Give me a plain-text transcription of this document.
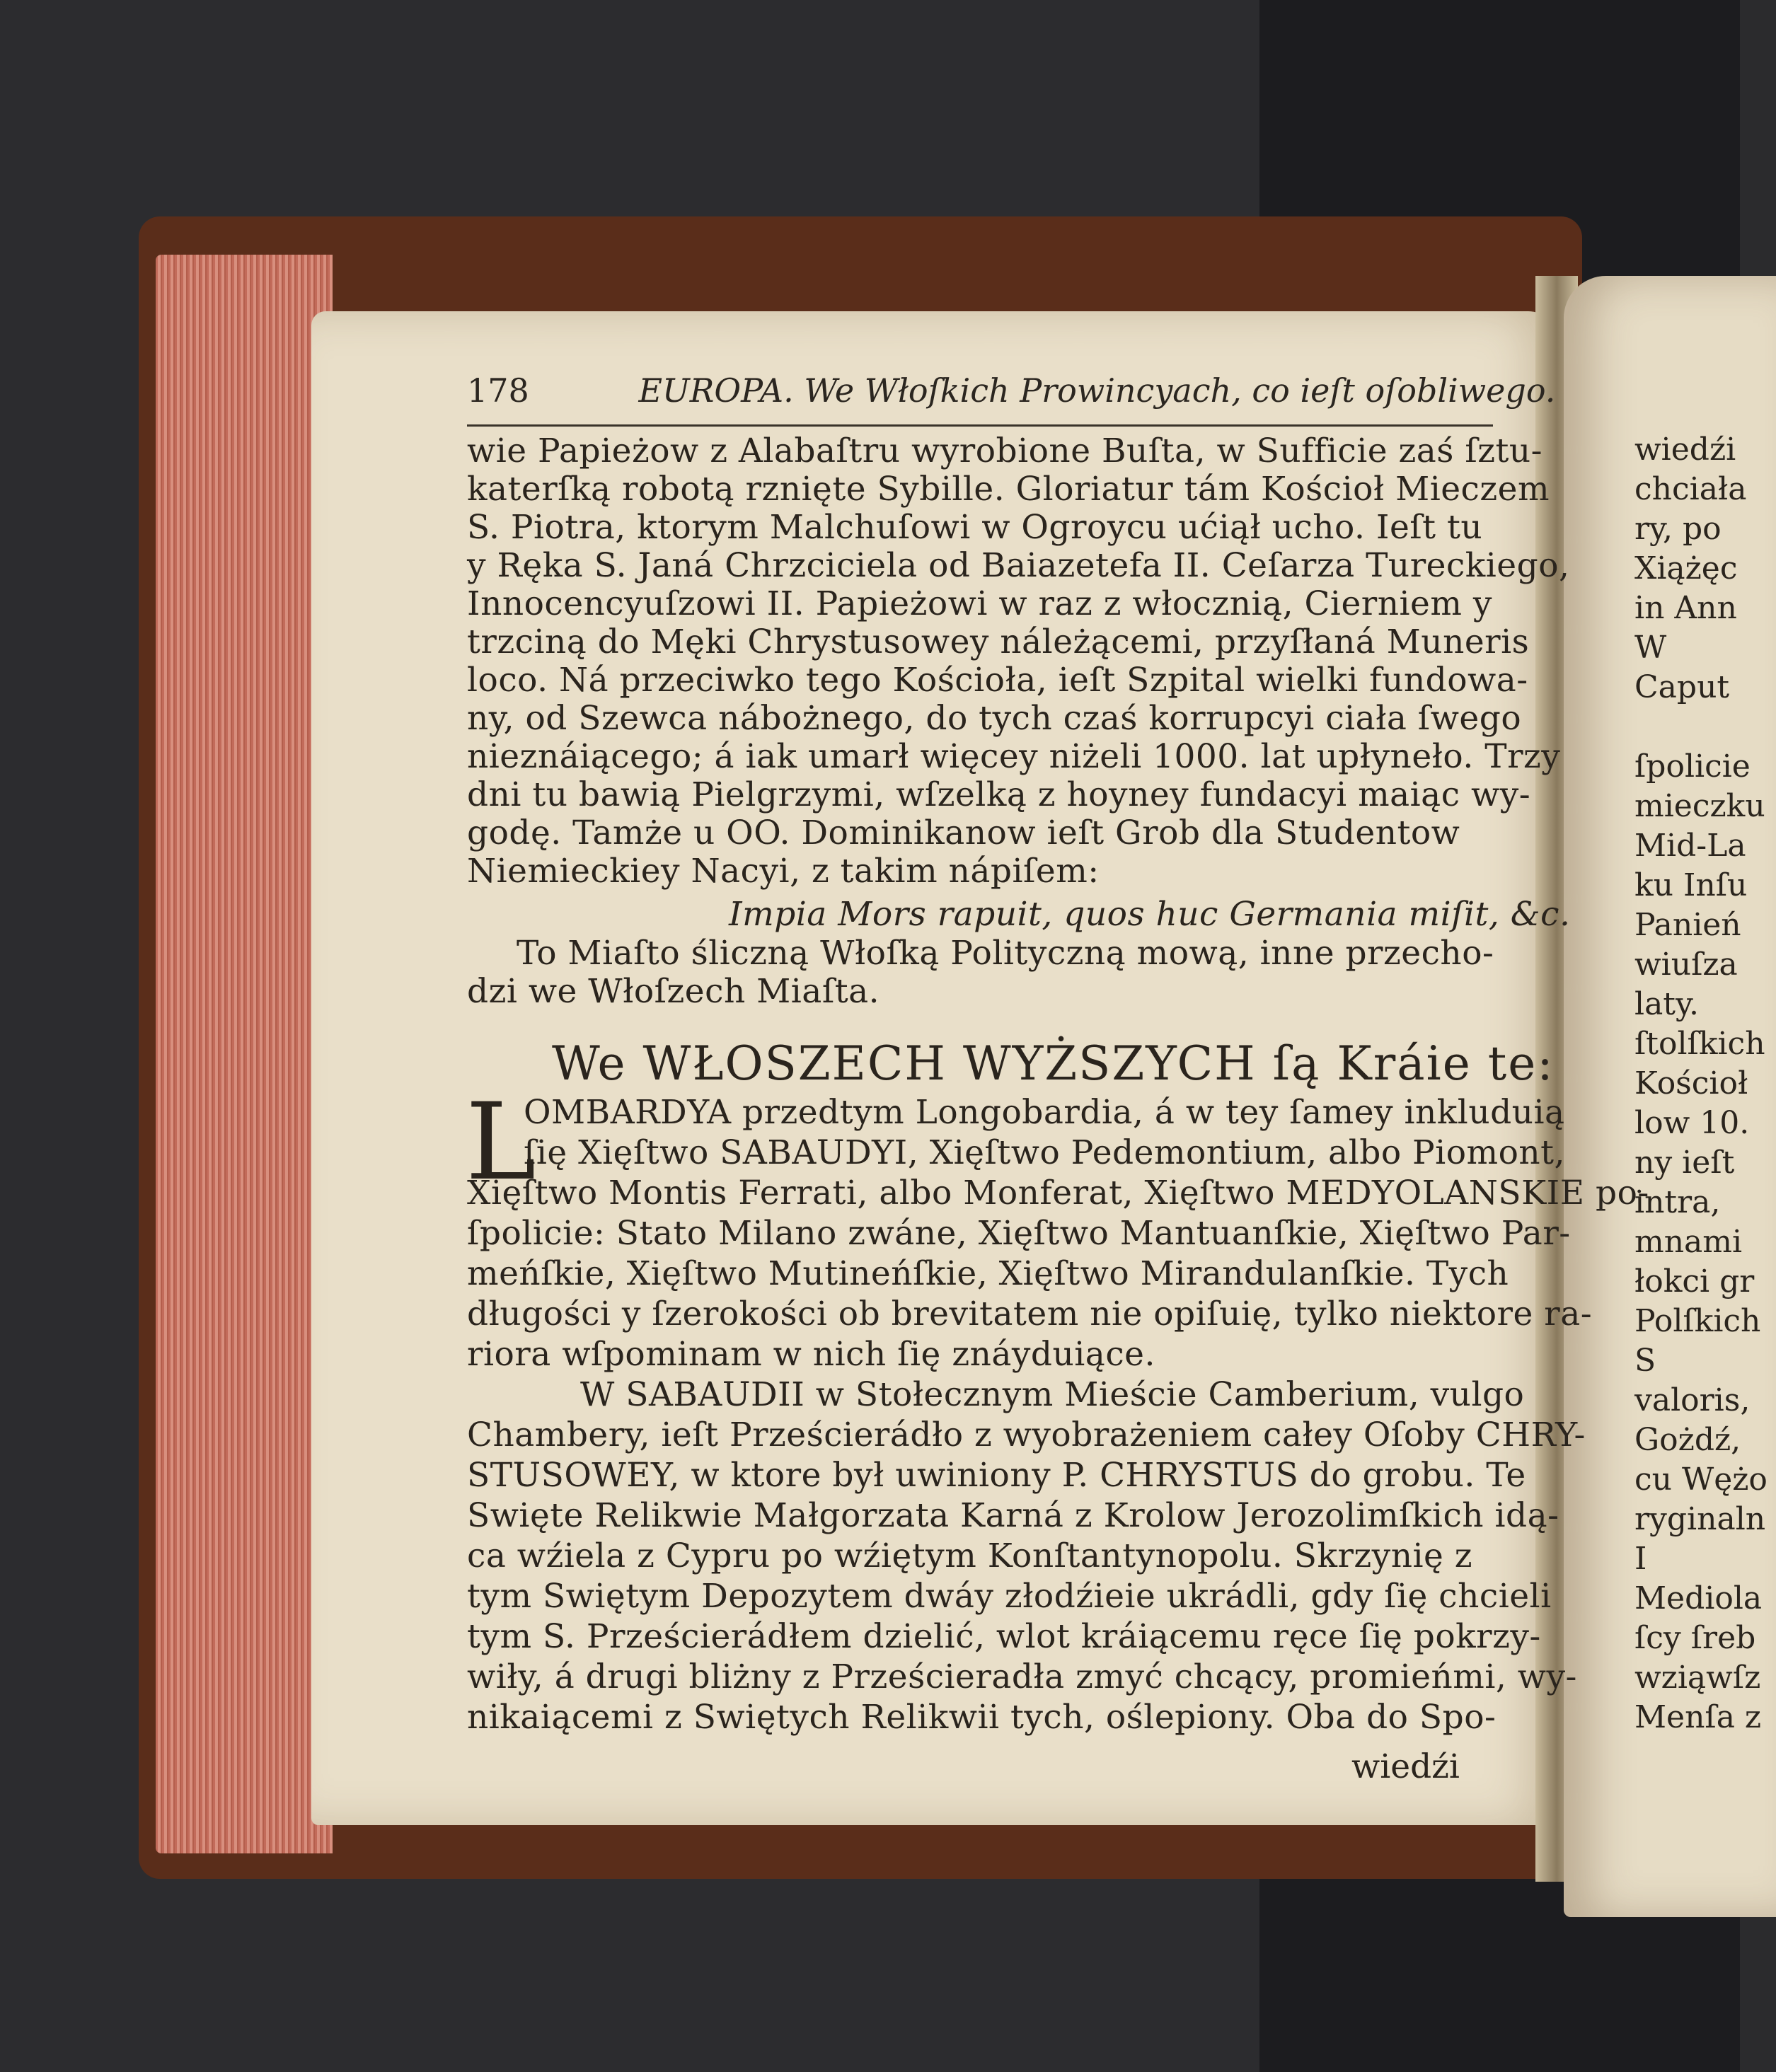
178	EUROPA. We Włoſkich Prowincyach, co ieſt oſobliwego.
wie Papieżow z Alabaſtru wyrobione Buſta, w Sufficie zaś ſztu-
katerſką robotą rznięte Sybille. Gloriatur tám Kościoł Mieczem
S. Piotra, ktorym Malchuſowi w Ogroycu ućiął ucho. Ieſt tu
y Ręka S. Janá Chrzciciela od Baiazetefa II. Ceſarza Tureckiego,
Innocencyuſzowi II. Papieżowi w raz z włocznią, Cierniem y
trzciną do Męki Chrystusowey náleżącemi, przyſłaná Muneris
loco. Ná przeciwko tego Kościoła, ieſt Szpital wielki fundowa-
ny, od Szewca nábożnego, do tych czaś korrupcyi ciała ſwego
nieznáiącego; á iak umarł więcey niżeli 1000. lat upłyneło. Trzy
dni tu bawią Pielgrzymi, wſzelką z hoyney fundacyi maiąc wy-
godę. Tamże u OO. Dominikanow ieſt Grob dla Studentow
Niemieckiey Nacyi, z takim nápiſem:
Impia Mors rapuit, quos huc Germania miſit, &c.
To Miaſto śliczną Włoſką Polityczną mową, inne przecho-
dzi we Włoſzech Miaſta.
We WŁOSZECH WYŻSZYCH ſą Kráie te:
L
OMBARDYA przedtym Longobardia, á w tey ſamey inkluduią
ſię Xięſtwo SABAUDYI, Xięſtwo Pedemontium, albo Piomont,
Xięſtwo Montis Ferrati, albo Monferat, Xięſtwo MEDYOLANSKIE po-
ſpolicie: Stato Milano zwáne, Xięſtwo Mantuanſkie, Xięſtwo Par-
meńſkie, Xięſtwo Mutineńſkie, Xięſtwo Mirandulanſkie. Tych
długości y ſzerokości ob brevitatem nie opiſuię, tylko niektore ra-
riora wſpominam w nich ſię znáyduiące.
W SABAUDII w Stołecznym Mieście Camberium, vulgo
Chambery, ieſt Prześcierádło z wyobrażeniem całey Oſoby CHRY-
STUSOWEY, w ktore był uwiniony P. CHRYSTUS do grobu. Te
Swięte Relikwie Małgorzata Karná z Krolow Jerozolimſkich idą-
ca wźiela z Cypru po wźiętym Konſtantynopolu. Skrzynię z
tym Swiętym Depozytem dwáy złodźieie ukrádli, gdy ſię chcieli
tym S. Prześcierádłem dzielić, wlot kráiącemu ręce ſię pokrzy-
wiły, á drugi bliżny z Prześcieradła zmyć chcący, promieńmi, wy-
nikaiącemi z Swiętych Relikwii tych, oślepiony. Oba do Spo-
wiedźi
wiedźi
chciała
ry, po
Xiążęc
in Ann
W
Caput
ſpolicie
mieczku
Mid-La
ku Inſu
Panień
wiuſza
laty.
ſtolſkich
Kościoł
low 10.
ny ieſt
intra,
mnami
łokci gr
Polſkich
S
valoris,
Gożdź,
cu Wężo
ryginaln
I
Mediola
ſcy ſreb
wziąwſz
Menſa z
